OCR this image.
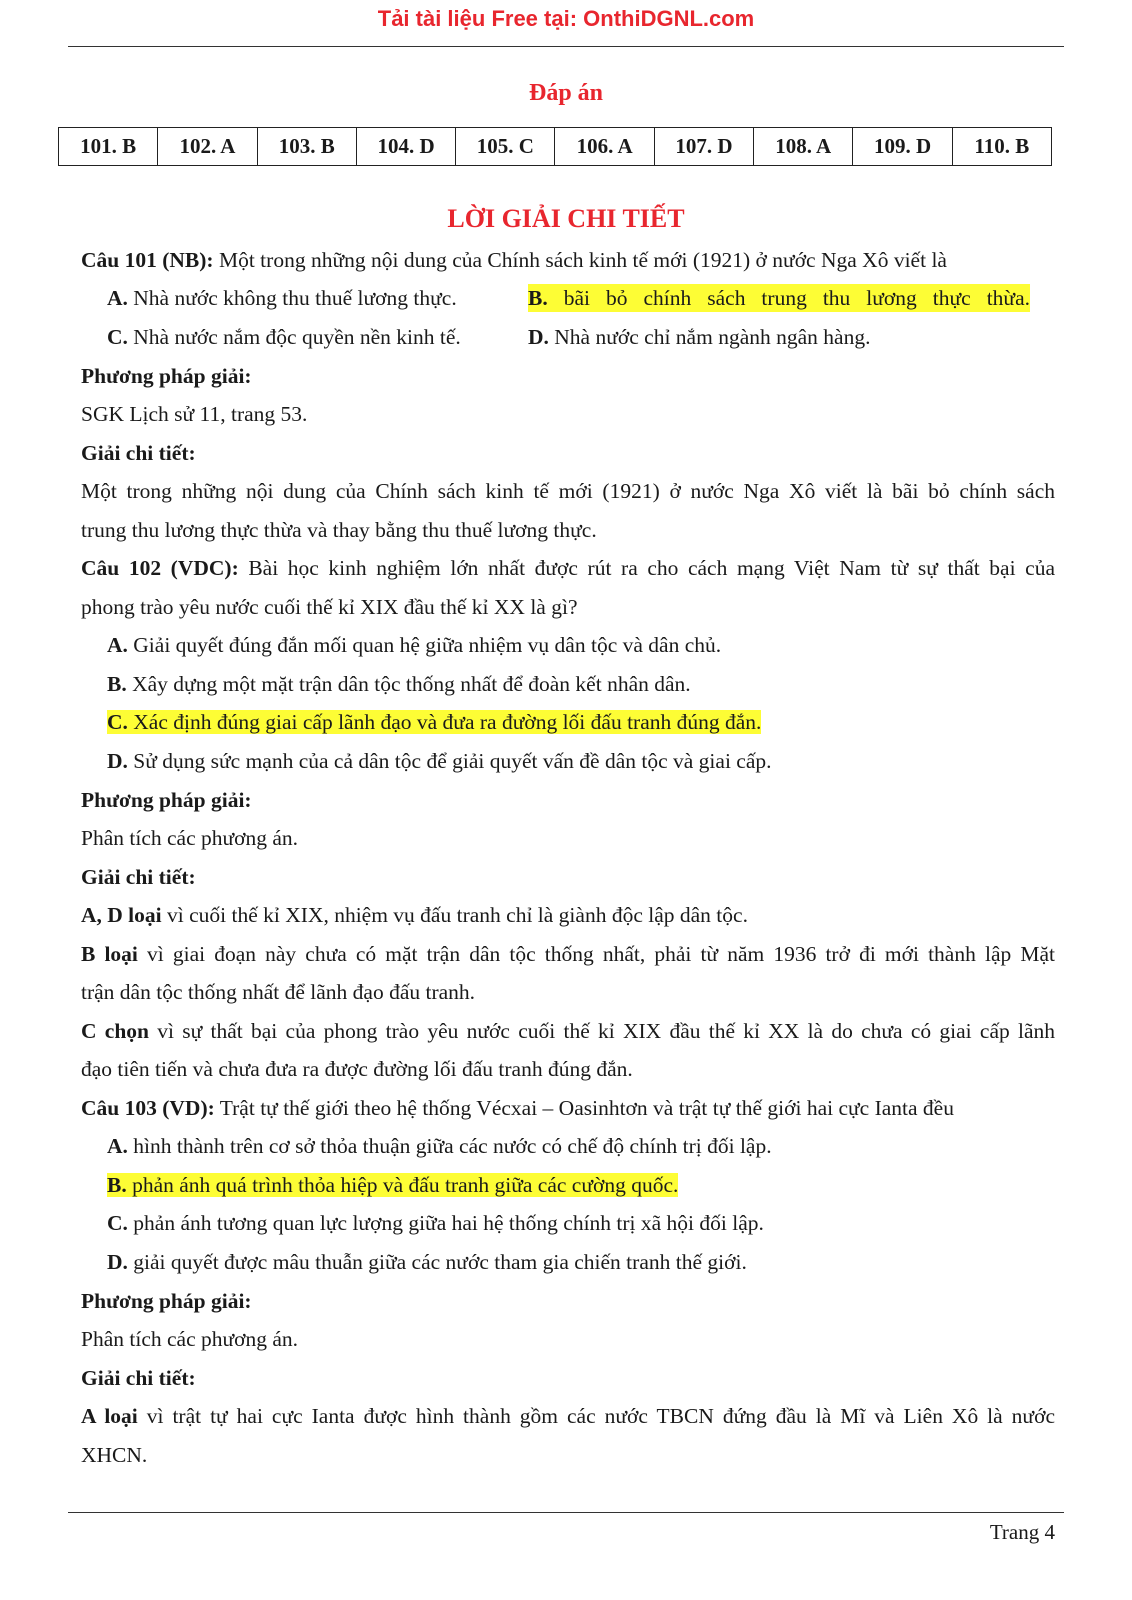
Tải tài liệu Free tại: OnthiDGNL.com
Đáp án
101. B	102. A	103. B	104. D	105. C	106. A	107. D	108. A	109. D	110. B
LỜI GIẢI CHI TIẾT
Câu 101 (NB): Một trong những nội dung của Chính sách kinh tế mới (1921) ở nước Nga Xô viết là
A. Nhà nước không thu thuế lương thực.	B. bãi bỏ chính sách trung thu lương thực thừa.
C. Nhà nước nắm độc quyền nền kinh tế.	D. Nhà nước chỉ nắm ngành ngân hàng.
Phương pháp giải:
SGK Lịch sử 11, trang 53.
Giải chi tiết:
Một trong những nội dung của Chính sách kinh tế mới (1921) ở nước Nga Xô viết là bãi bỏ chính sách
trung thu lương thực thừa và thay bằng thu thuế lương thực.
Câu 102 (VDC): Bài học kinh nghiệm lớn nhất được rút ra cho cách mạng Việt Nam từ sự thất bại của
phong trào yêu nước cuối thế kỉ XIX đầu thế kỉ XX là gì?
A. Giải quyết đúng đắn mối quan hệ giữa nhiệm vụ dân tộc và dân chủ.
B. Xây dựng một mặt trận dân tộc thống nhất để đoàn kết nhân dân.
C. Xác định đúng giai cấp lãnh đạo và đưa ra đường lối đấu tranh đúng đắn.
D. Sử dụng sức mạnh của cả dân tộc để giải quyết vấn đề dân tộc và giai cấp.
Phương pháp giải:
Phân tích các phương án.
Giải chi tiết:
A, D loại vì cuối thế kỉ XIX, nhiệm vụ đấu tranh chỉ là giành độc lập dân tộc.
B loại vì giai đoạn này chưa có mặt trận dân tộc thống nhất, phải từ năm 1936 trở đi mới thành lập Mặt
trận dân tộc thống nhất để lãnh đạo đấu tranh.
C chọn vì sự thất bại của phong trào yêu nước cuối thế kỉ XIX đầu thế kỉ XX là do chưa có giai cấp lãnh
đạo tiên tiến và chưa đưa ra được đường lối đấu tranh đúng đắn.
Câu 103 (VD): Trật tự thế giới theo hệ thống Vécxai – Oasinhtơn và trật tự thế giới hai cực Ianta đều
A. hình thành trên cơ sở thỏa thuận giữa các nước có chế độ chính trị đối lập.
B. phản ánh quá trình thỏa hiệp và đấu tranh giữa các cường quốc.
C. phản ánh tương quan lực lượng giữa hai hệ thống chính trị xã hội đối lập.
D. giải quyết được mâu thuẫn giữa các nước tham gia chiến tranh thế giới.
Phương pháp giải:
Phân tích các phương án.
Giải chi tiết:
A loại vì trật tự hai cực Ianta được hình thành gồm các nước TBCN đứng đầu là Mĩ và Liên Xô là nước
XHCN.
Trang 4
